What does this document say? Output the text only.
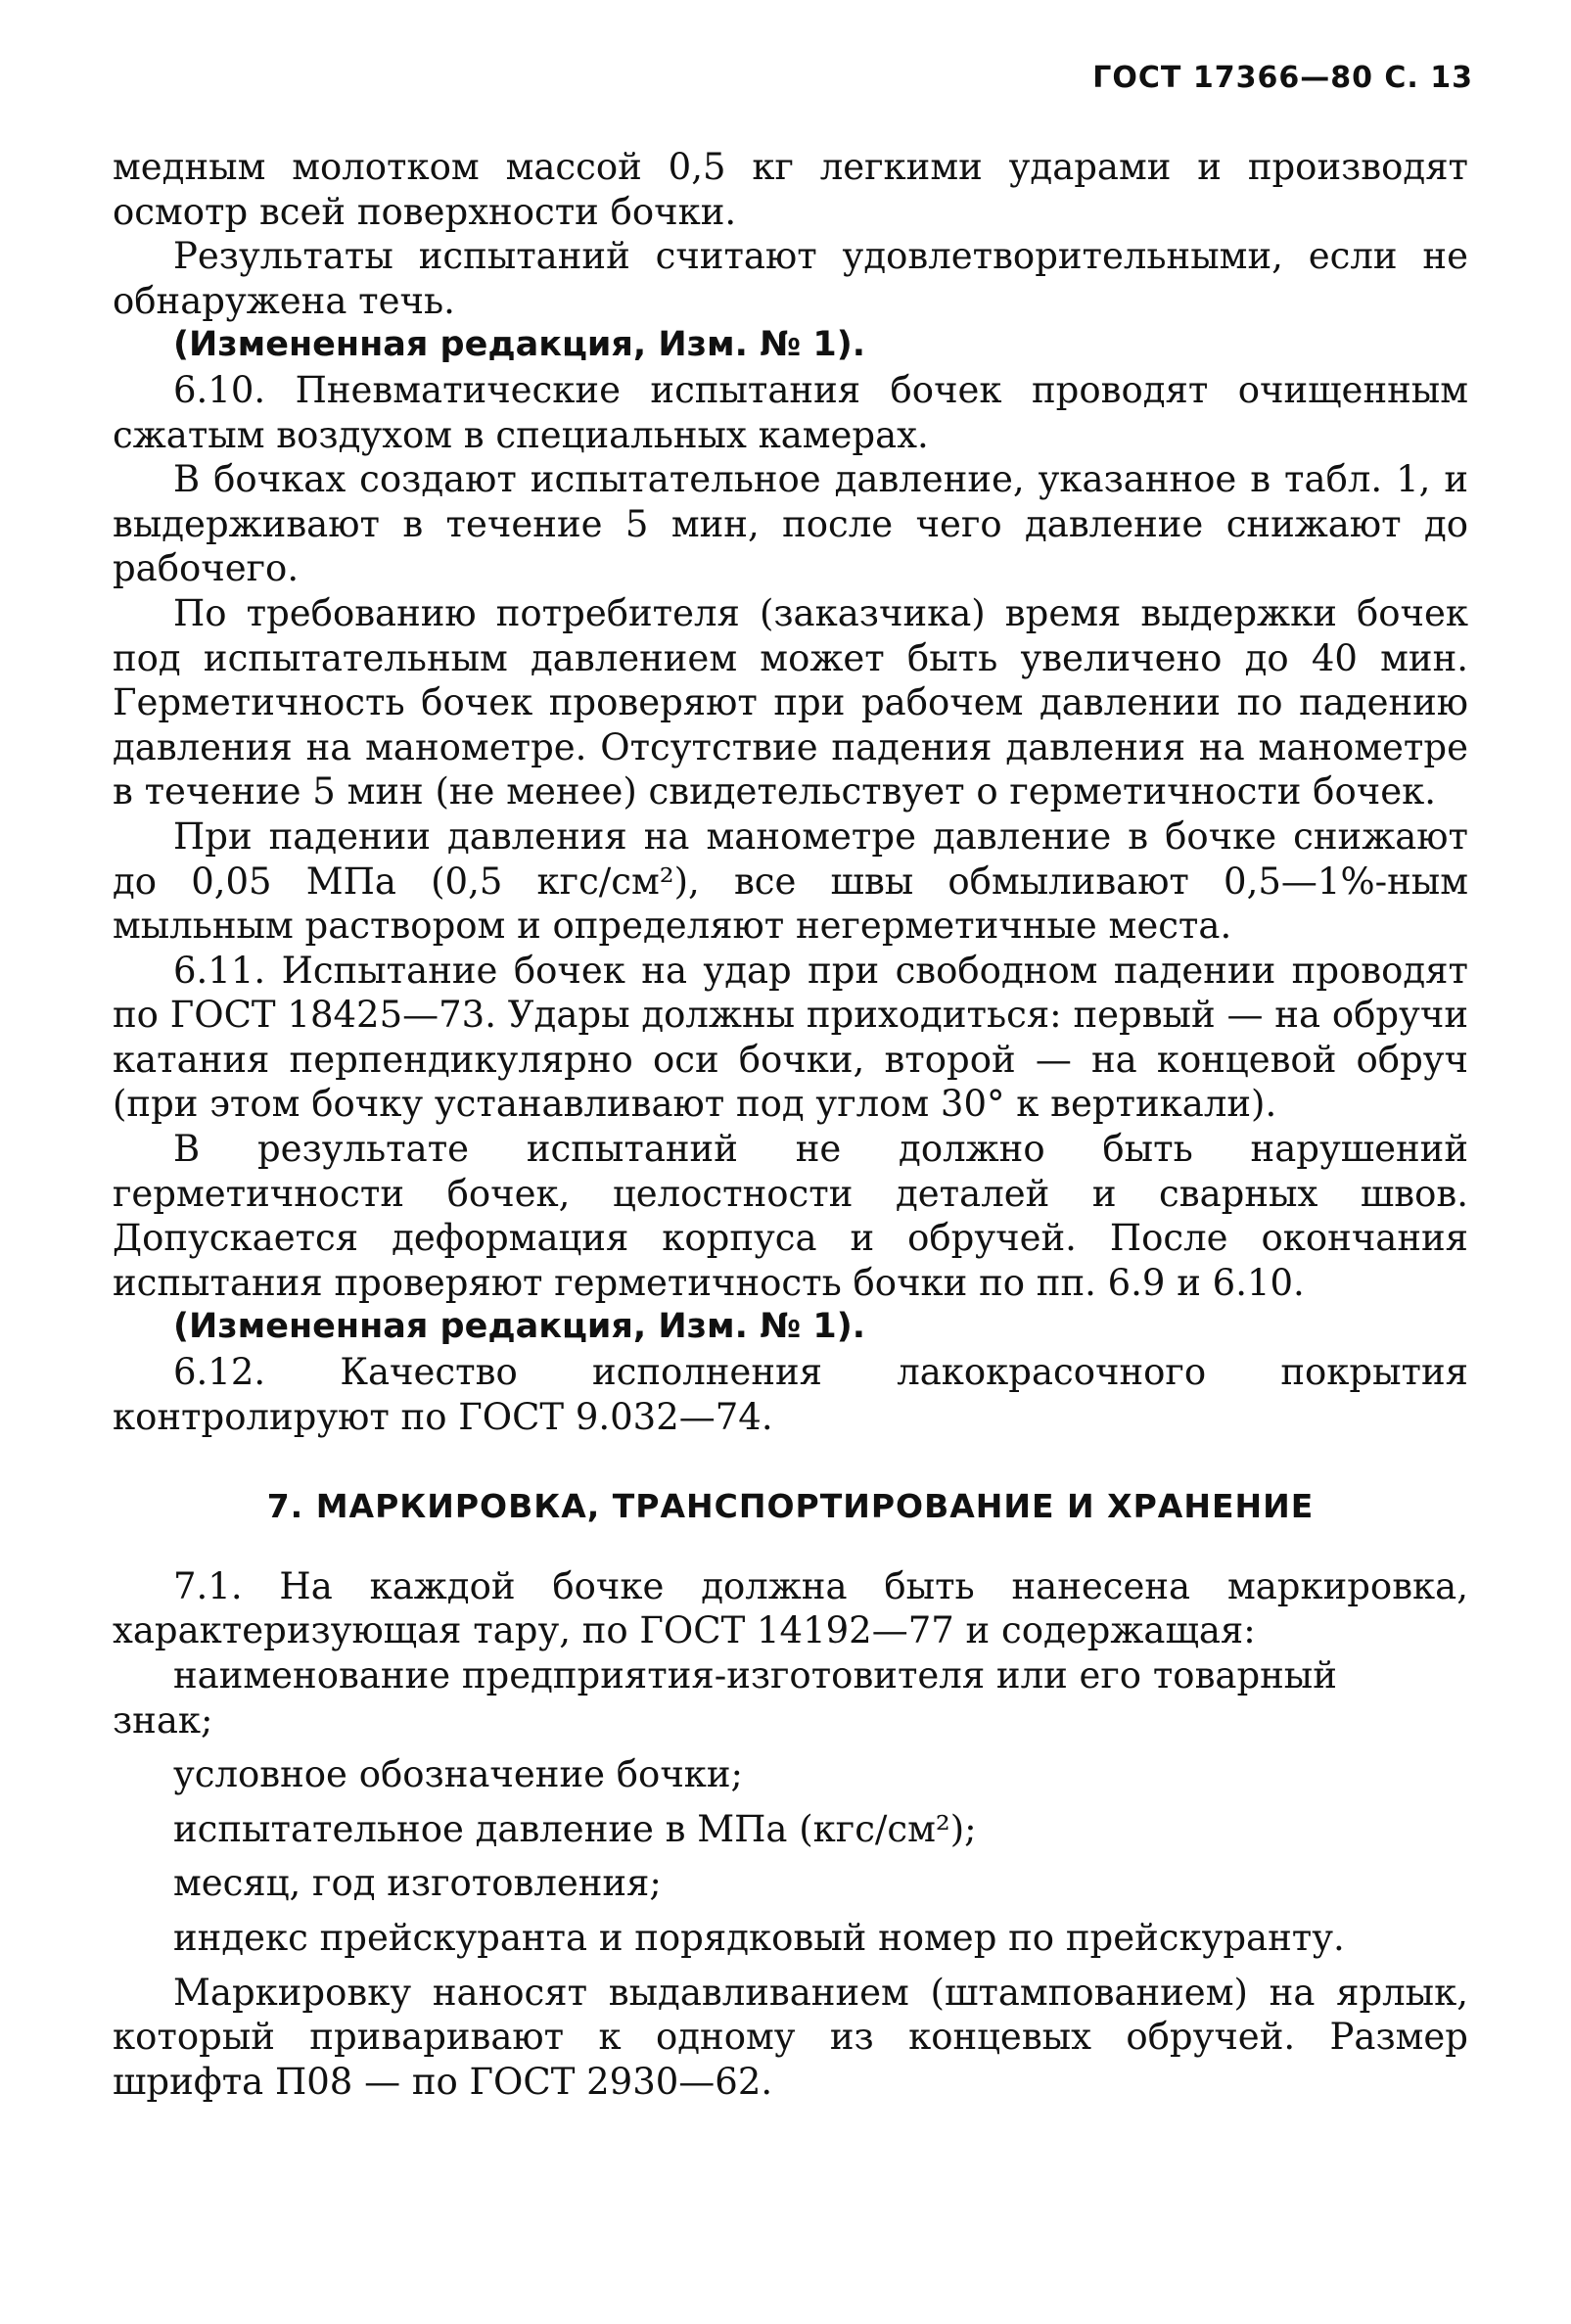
ГОСТ 17366—80 С. 13

медным молотком массой 0,5 кг легкими ударами и производят осмотр всей поверхности бочки.

Результаты испытаний считают удовлетворительными, если не обнаружена течь.

(Измененная редакция, Изм. № 1).

6.10. Пневматические испытания бочек проводят очищенным сжатым воздухом в специальных камерах.

В бочках создают испытательное давление, указанное в табл. 1, и выдерживают в течение 5 мин, после чего давление снижают до рабочего.

По требованию потребителя (заказчика) время выдержки бочек под испытательным давлением может быть увеличено до 40 мин. Герметичность бочек проверяют при рабочем давлении по падению давления на манометре. Отсутствие падения давления на манометре в течение 5 мин (не менее) свидетельствует о герметичности бочек.

При падении давления на манометре давление в бочке снижают до 0,05 МПа (0,5 кгс/см²), все швы обмыливают 0,5—1%-ным мыльным раствором и определяют негерметичные места.

6.11. Испытание бочек на удар при свободном падении проводят по ГОСТ 18425—73. Удары должны приходиться: первый — на обручи катания перпендикулярно оси бочки, второй — на концевой обруч (при этом бочку устанавливают под углом 30° к вертикали).

В результате испытаний не должно быть нарушений герметичности бочек, целостности деталей и сварных швов. Допускается деформация корпуса и обручей. После окончания испытания проверяют герметичность бочки по пп. 6.9 и 6.10.

(Измененная редакция, Изм. № 1).

6.12. Качество исполнения лакокрасочного покрытия контролируют по ГОСТ 9.032—74.

7. МАРКИРОВКА, ТРАНСПОРТИРОВАНИЕ И ХРАНЕНИЕ

7.1. На каждой бочке должна быть нанесена маркировка, характеризующая тару, по ГОСТ 14192—77 и содержащая:

наименование предприятия-изготовителя или его товарный

знак;

условное обозначение бочки;

испытательное давление в МПа (кгс/см²);

месяц, год изготовления;

индекс прейскуранта и порядковый номер по прейскуранту.

Маркировку наносят выдавливанием (штампованием) на ярлык, который приваривают к одному из концевых обручей. Размер шрифта П08 — по ГОСТ 2930—62.
